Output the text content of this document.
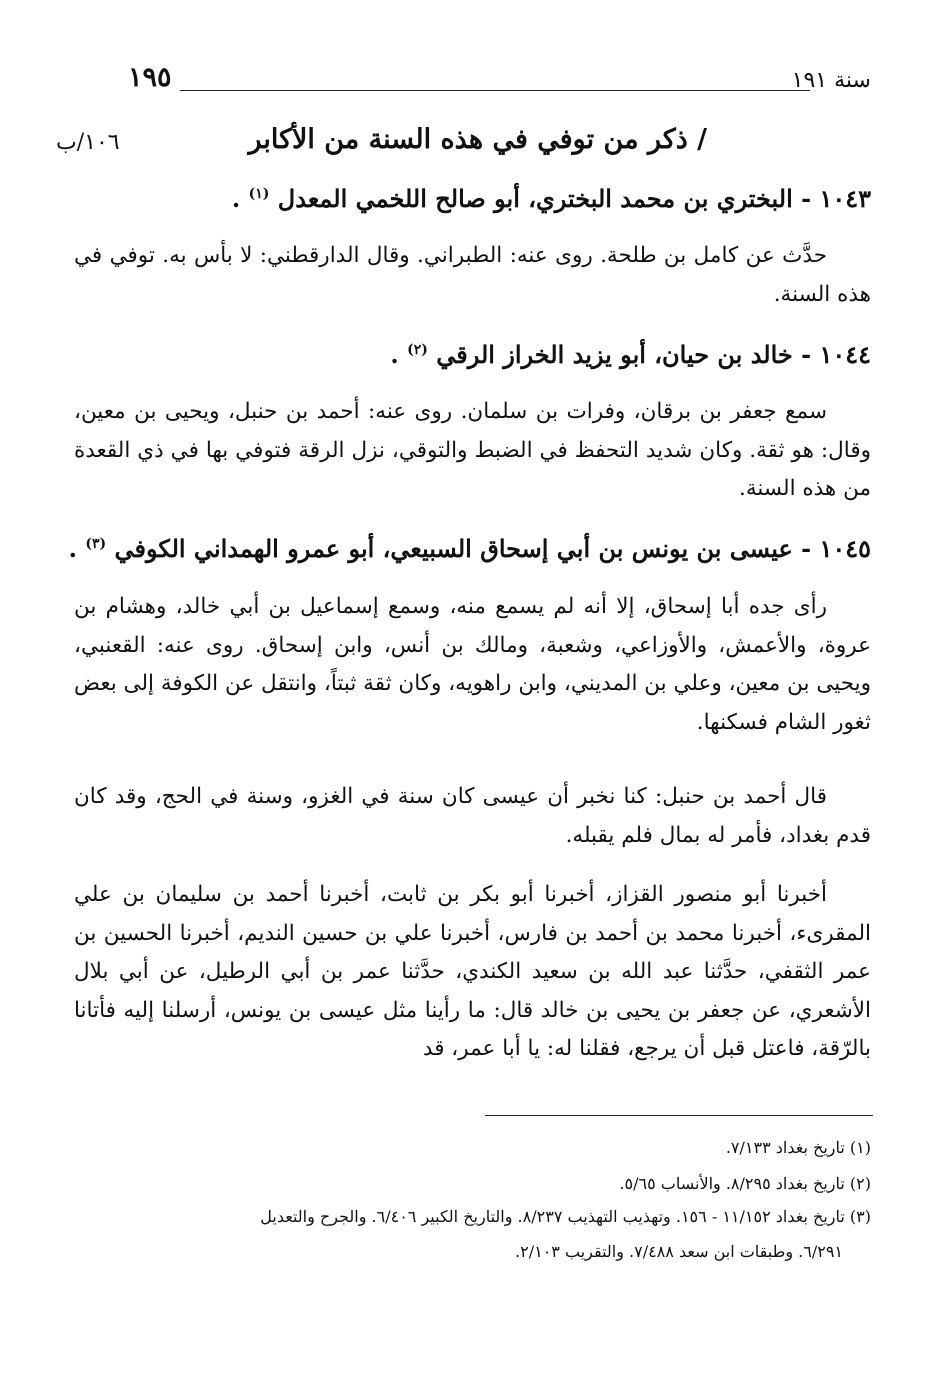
١٩٥	سنة ١٩١
١٠٦/ب	/ ذكر من توفي في هذه السنة من الأكابر
١٠٤٣ - البختري بن محمد البختري، أبو صالح اللخمي المعدل $^{(١)}$ .

حدَّث عن كامل بن طلحة. روى عنه: الطبراني. وقال الدارقطني: لا بأس به. توفي في هذه السنة.

١٠٤٤ - خالد بن حيان، أبو يزيد الخراز الرقي $^{(٢)}$ .

سمع جعفر بن برقان، وفرات بن سلمان. روى عنه: أحمد بن حنبل، ويحيى بن معين، وقال: هو ثقة. وكان شديد التحفظ في الضبط والتوقي، نزل الرقة فتوفي بها في ذي القعدة من هذه السنة.

١٠٤٥ - عيسى بن يونس بن أبي إسحاق السبيعي، أبو عمرو الهمداني الكوفي $^{(٣)}$ .

رأى جده أبا إسحاق، إلا أنه لم يسمع منه، وسمع إسماعيل بن أبي خالد، وهشام بن عروة، والأعمش، والأوزاعي، وشعبة، ومالك بن أنس، وابن إسحاق. روى عنه: القعنبي، ويحيى بن معين، وعلي بن المديني، وابن راهويه، وكان ثقة ثبتاً، وانتقل عن الكوفة إلى بعض ثغور الشام فسكنها.

قال أحمد بن حنبل: كنا نخبر أن عيسى كان سنة في الغزو، وسنة في الحج، وقد كان قدم بغداد، فأمر له بمال فلم يقبله.

أخبرنا أبو منصور القزاز، أخبرنا أبو بكر بن ثابت، أخبرنا أحمد بن سليمان بن علي المقرىء، أخبرنا محمد بن أحمد بن فارس، أخبرنا علي بن حسين النديم، أخبرنا الحسين بن عمر الثقفي، حدَّثنا عبد الله بن سعيد الكندي، حدَّثنا عمر بن أبي الرطيل، عن أبي بلال الأشعري، عن جعفر بن يحيى بن خالد قال: ما رأينا مثل عيسى بن يونس، أرسلنا إليه فأتانا بالرّقة، فاعتل قبل أن يرجع، فقلنا له: يا أبا عمر، قد

(١) تاريخ بغداد ٧/١٣٣.
(٢) تاريخ بغداد ٨/٢٩٥. والأنساب ٥/٦٥.
(٣) تاريخ بغداد ١١/١٥٢ - ١٥٦. وتهذيب التهذيب ٨/٢٣٧. والتاريخ الكبير ٦/٤٠٦. والجرح والتعديل
٦/٢٩١. وطبقات ابن سعد ٧/٤٨٨. والتقريب ٢/١٠٣.
